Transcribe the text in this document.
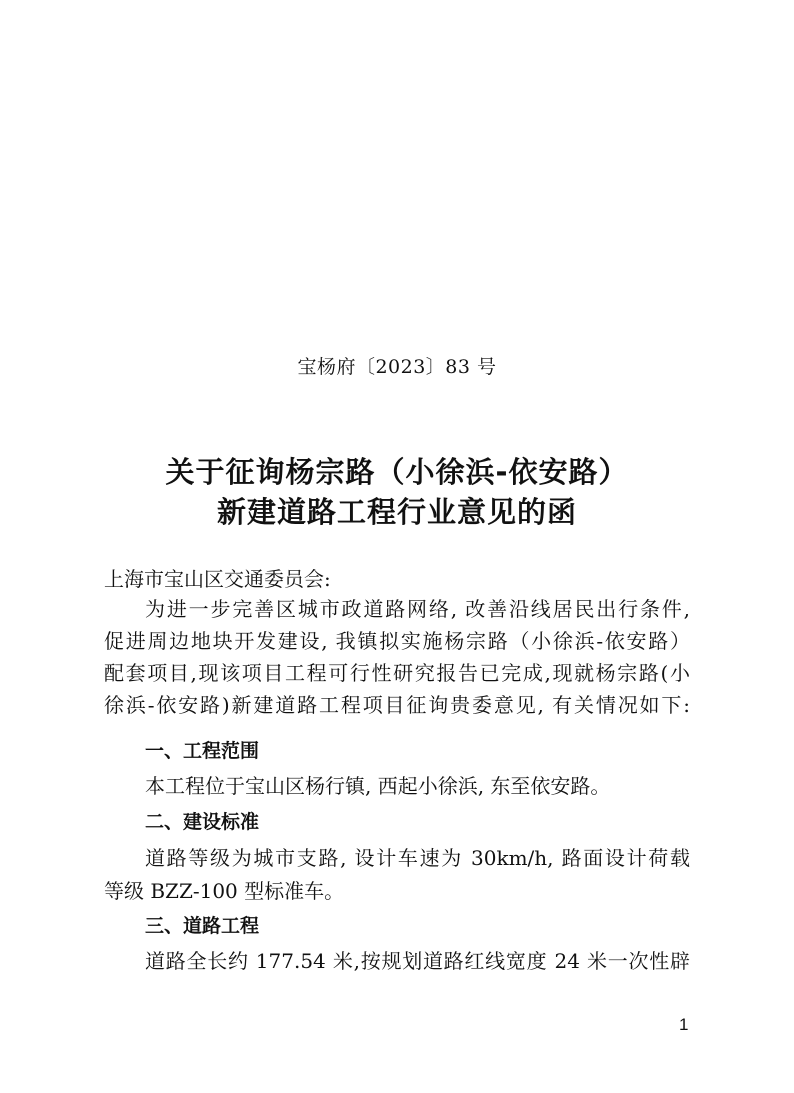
宝杨府〔2023〕83 号
关于征询杨宗路（小徐浜-依安路）
新建道路工程行业意见的函
上海市宝山区交通委员会:
为进一步完善区城市政道路网络, 改善沿线居民出行条件,
促进周边地块开发建设, 我镇拟实施杨宗路（小徐浜-依安路）
配套项目,现该项目工程可行性研究报告已完成,现就杨宗路(小
徐浜-依安路)新建道路工程项目征询贵委意见, 有关情况如下:
一、工程范围
本工程位于宝山区杨行镇, 西起小徐浜, 东至依安路。
二、建设标准
道路等级为城市支路, 设计车速为 30km/h, 路面设计荷载
等级 BZZ-100 型标准车。
三、道路工程
道路全长约 177.54 米,按规划道路红线宽度 24 米一次性辟
1
